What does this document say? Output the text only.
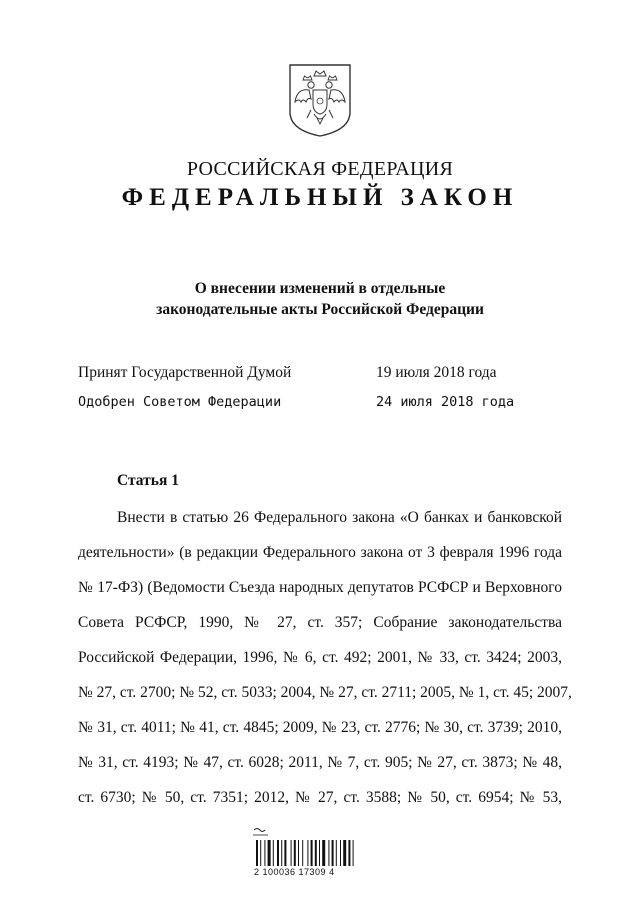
РОССИЙСКАЯ ФЕДЕРАЦИЯ
ФЕДЕРАЛЬНЫЙ ЗАКОН
О внесении изменений в отдельные
законодательные акты Российской Федерации
Принят Государственной Думой	19 июля 2018 года
Одобрен Советом Федерации	24 июля 2018 года
Статья 1
Внести в статью 26 Федерального закона «О банках и банковской
деятельности» (в редакции Федерального закона от 3 февраля 1996 года
№ 17-ФЗ) (Ведомости Съезда народных депутатов РСФСР и Верховного
Совета РСФСР, 1990, № 27, ст. 357; Собрание законодательства
Российской Федерации, 1996, № 6, ст. 492; 2001, № 33, ст. 3424; 2003,
№ 27, ст. 2700; № 52, ст. 5033; 2004, № 27, ст. 2711; 2005, № 1, ст. 45; 2007,
№ 31, ст. 4011; № 41, ст. 4845; 2009, № 23, ст. 2776; № 30, ст. 3739; 2010,
№ 31, ст. 4193; № 47, ст. 6028; 2011, № 7, ст. 905; № 27, ст. 3873; № 48,
ст. 6730; № 50, ст. 7351; 2012, № 27, ст. 3588; № 50, ст. 6954; № 53,
2 100036 17309 4
